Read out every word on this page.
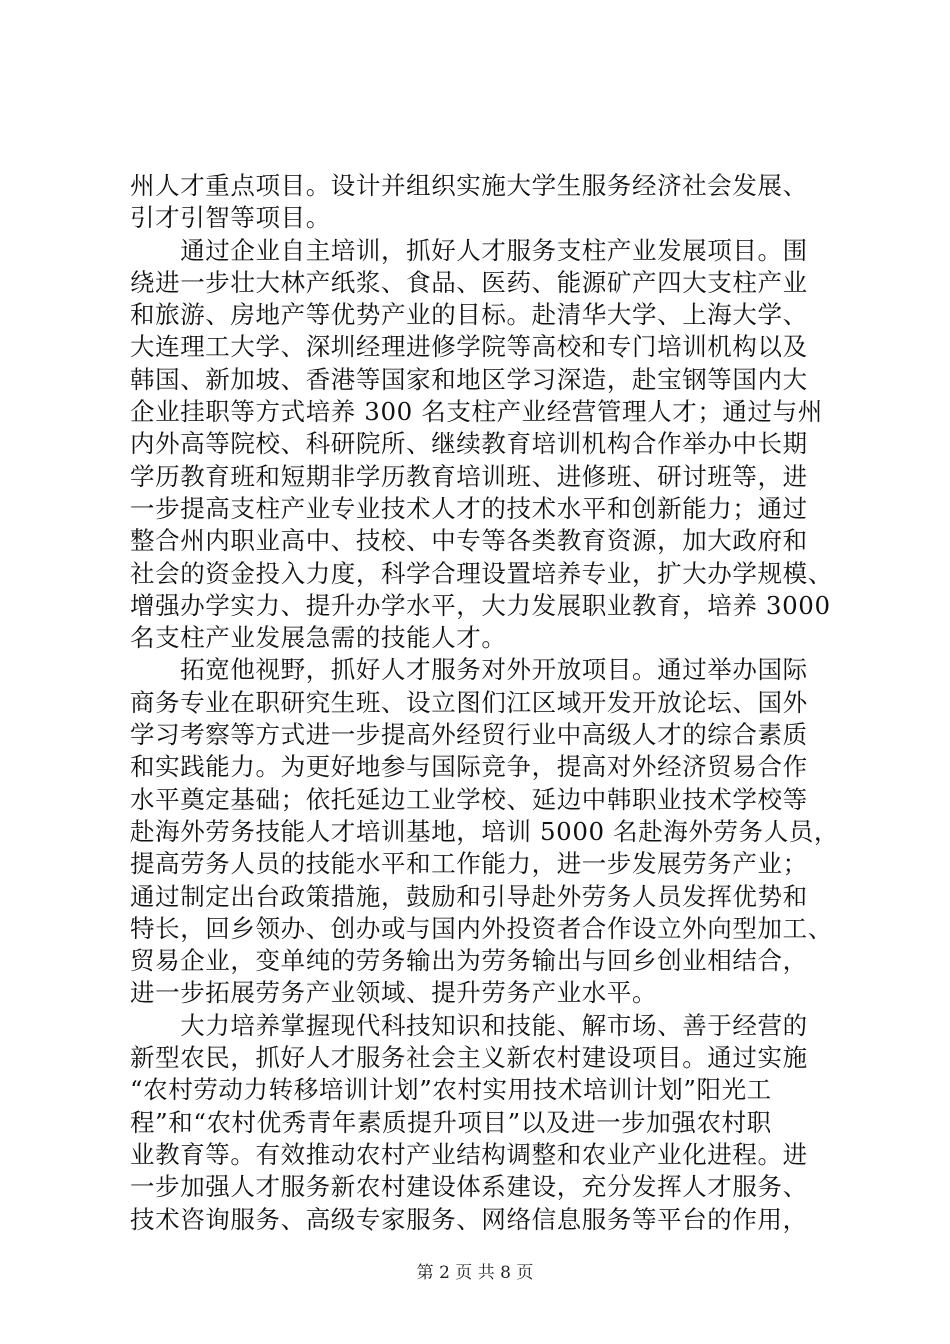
州人才重点项目。设计并组织实施大学生服务经济社会发展、
引才引智等项目。
　　通过企业自主培训，抓好人才服务支柱产业发展项目。围
绕进一步壮大林产纸浆、食品、医药、能源矿产四大支柱产业
和旅游、房地产等优势产业的目标。赴清华大学、上海大学、
大连理工大学、深圳经理进修学院等高校和专门培训机构以及
韩国、新加坡、香港等国家和地区学习深造，赴宝钢等国内大
企业挂职等方式培养 300 名支柱产业经营管理人才；通过与州
内外高等院校、科研院所、继续教育培训机构合作举办中长期
学历教育班和短期非学历教育培训班、进修班、研讨班等，进
一步提高支柱产业专业技术人才的技术水平和创新能力；通过
整合州内职业高中、技校、中专等各类教育资源，加大政府和
社会的资金投入力度，科学合理设置培养专业，扩大办学规模、
增强办学实力、提升办学水平，大力发展职业教育，培养 3000
名支柱产业发展急需的技能人才。
　　拓宽他视野，抓好人才服务对外开放项目。通过举办国际
商务专业在职研究生班、设立图们江区域开发开放论坛、国外
学习考察等方式进一步提高外经贸行业中高级人才的综合素质
和实践能力。为更好地参与国际竞争，提高对外经济贸易合作
水平奠定基础；依托延边工业学校、延边中韩职业技术学校等
赴海外劳务技能人才培训基地，培训 5000 名赴海外劳务人员，
提高劳务人员的技能水平和工作能力，进一步发展劳务产业；
通过制定出台政策措施，鼓励和引导赴外劳务人员发挥优势和
特长，回乡领办、创办或与国内外投资者合作设立外向型加工、
贸易企业，变单纯的劳务输出为劳务输出与回乡创业相结合，
进一步拓展劳务产业领域、提升劳务产业水平。
　　大力培养掌握现代科技知识和技能、解市场、善于经营的
新型农民，抓好人才服务社会主义新农村建设项目。通过实施
“农村劳动力转移培训计划”农村实用技术培训计划”阳光工
程”和“农村优秀青年素质提升项目”以及进一步加强农村职
业教育等。有效推动农村产业结构调整和农业产业化进程。进
一步加强人才服务新农村建设体系建设，充分发挥人才服务、
技术咨询服务、高级专家服务、网络信息服务等平台的作用，
第 2 页 共 8 页
